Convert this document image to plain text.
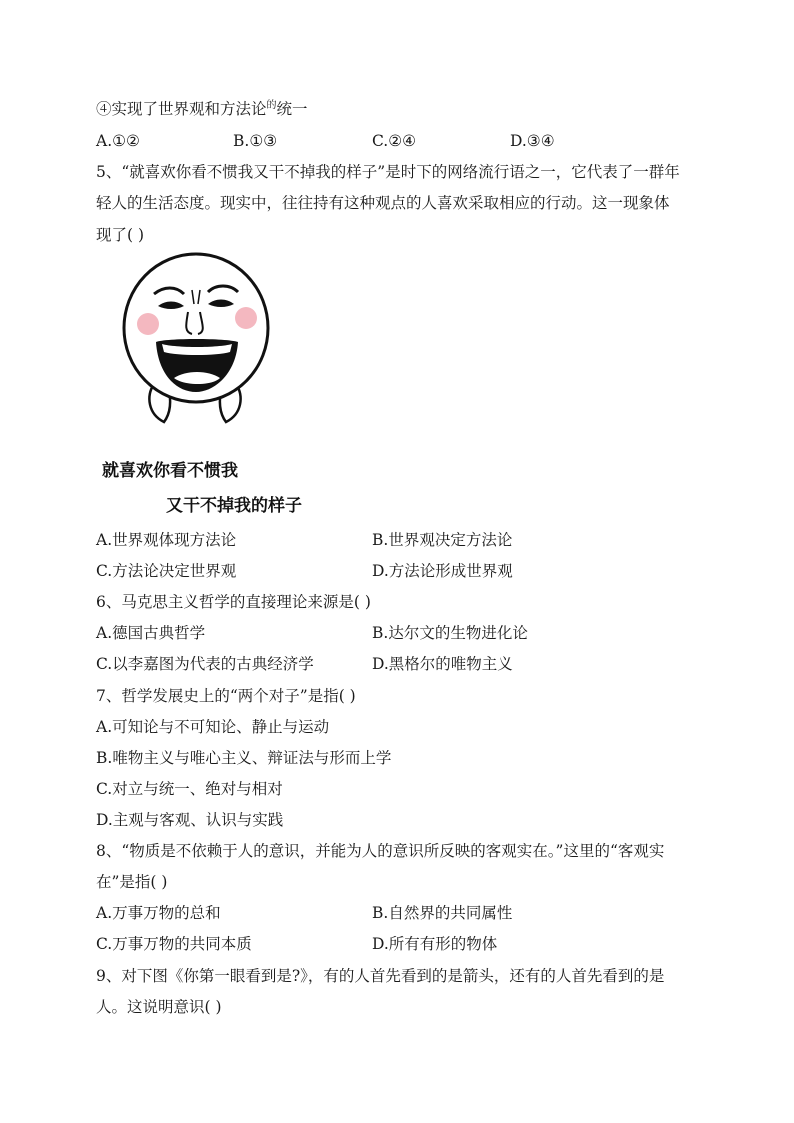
④实现了世界观和方法论$^的$统一
A.①②	B.①③	C.②④	D.③④
5、“就喜欢你看不惯我又干不掉我的样子”是时下的网络流行语之一，它代表了一群年
轻人的生活态度。现实中，往往持有这种观点的人喜欢采取相应的行动。这一现象体
现了( )
就喜欢你看不惯我
又干不掉我的样子
A.世界观体现方法论	B.世界观决定方法论
C.方法论决定世界观	D.方法论形成世界观
6、马克思主义哲学的直接理论来源是( )
A.德国古典哲学	B.达尔文的生物进化论
C.以李嘉图为代表的古典经济学	D.黑格尔的唯物主义
7、哲学发展史上的“两个对子”是指( )
A.可知论与不可知论、静止与运动
B.唯物主义与唯心主义、辩证法与形而上学
C.对立与统一、绝对与相对
D.主观与客观、认识与实践
8、“物质是不依赖于人的意识，并能为人的意识所反映的客观实在。”这里的“客观实
在”是指( )
A.万事万物的总和	B.自然界的共同属性
C.万事万物的共同本质	D.所有有形的物体
9、对下图《你第一眼看到是?》，有的人首先看到的是箭头，还有的人首先看到的是
人。这说明意识( )
